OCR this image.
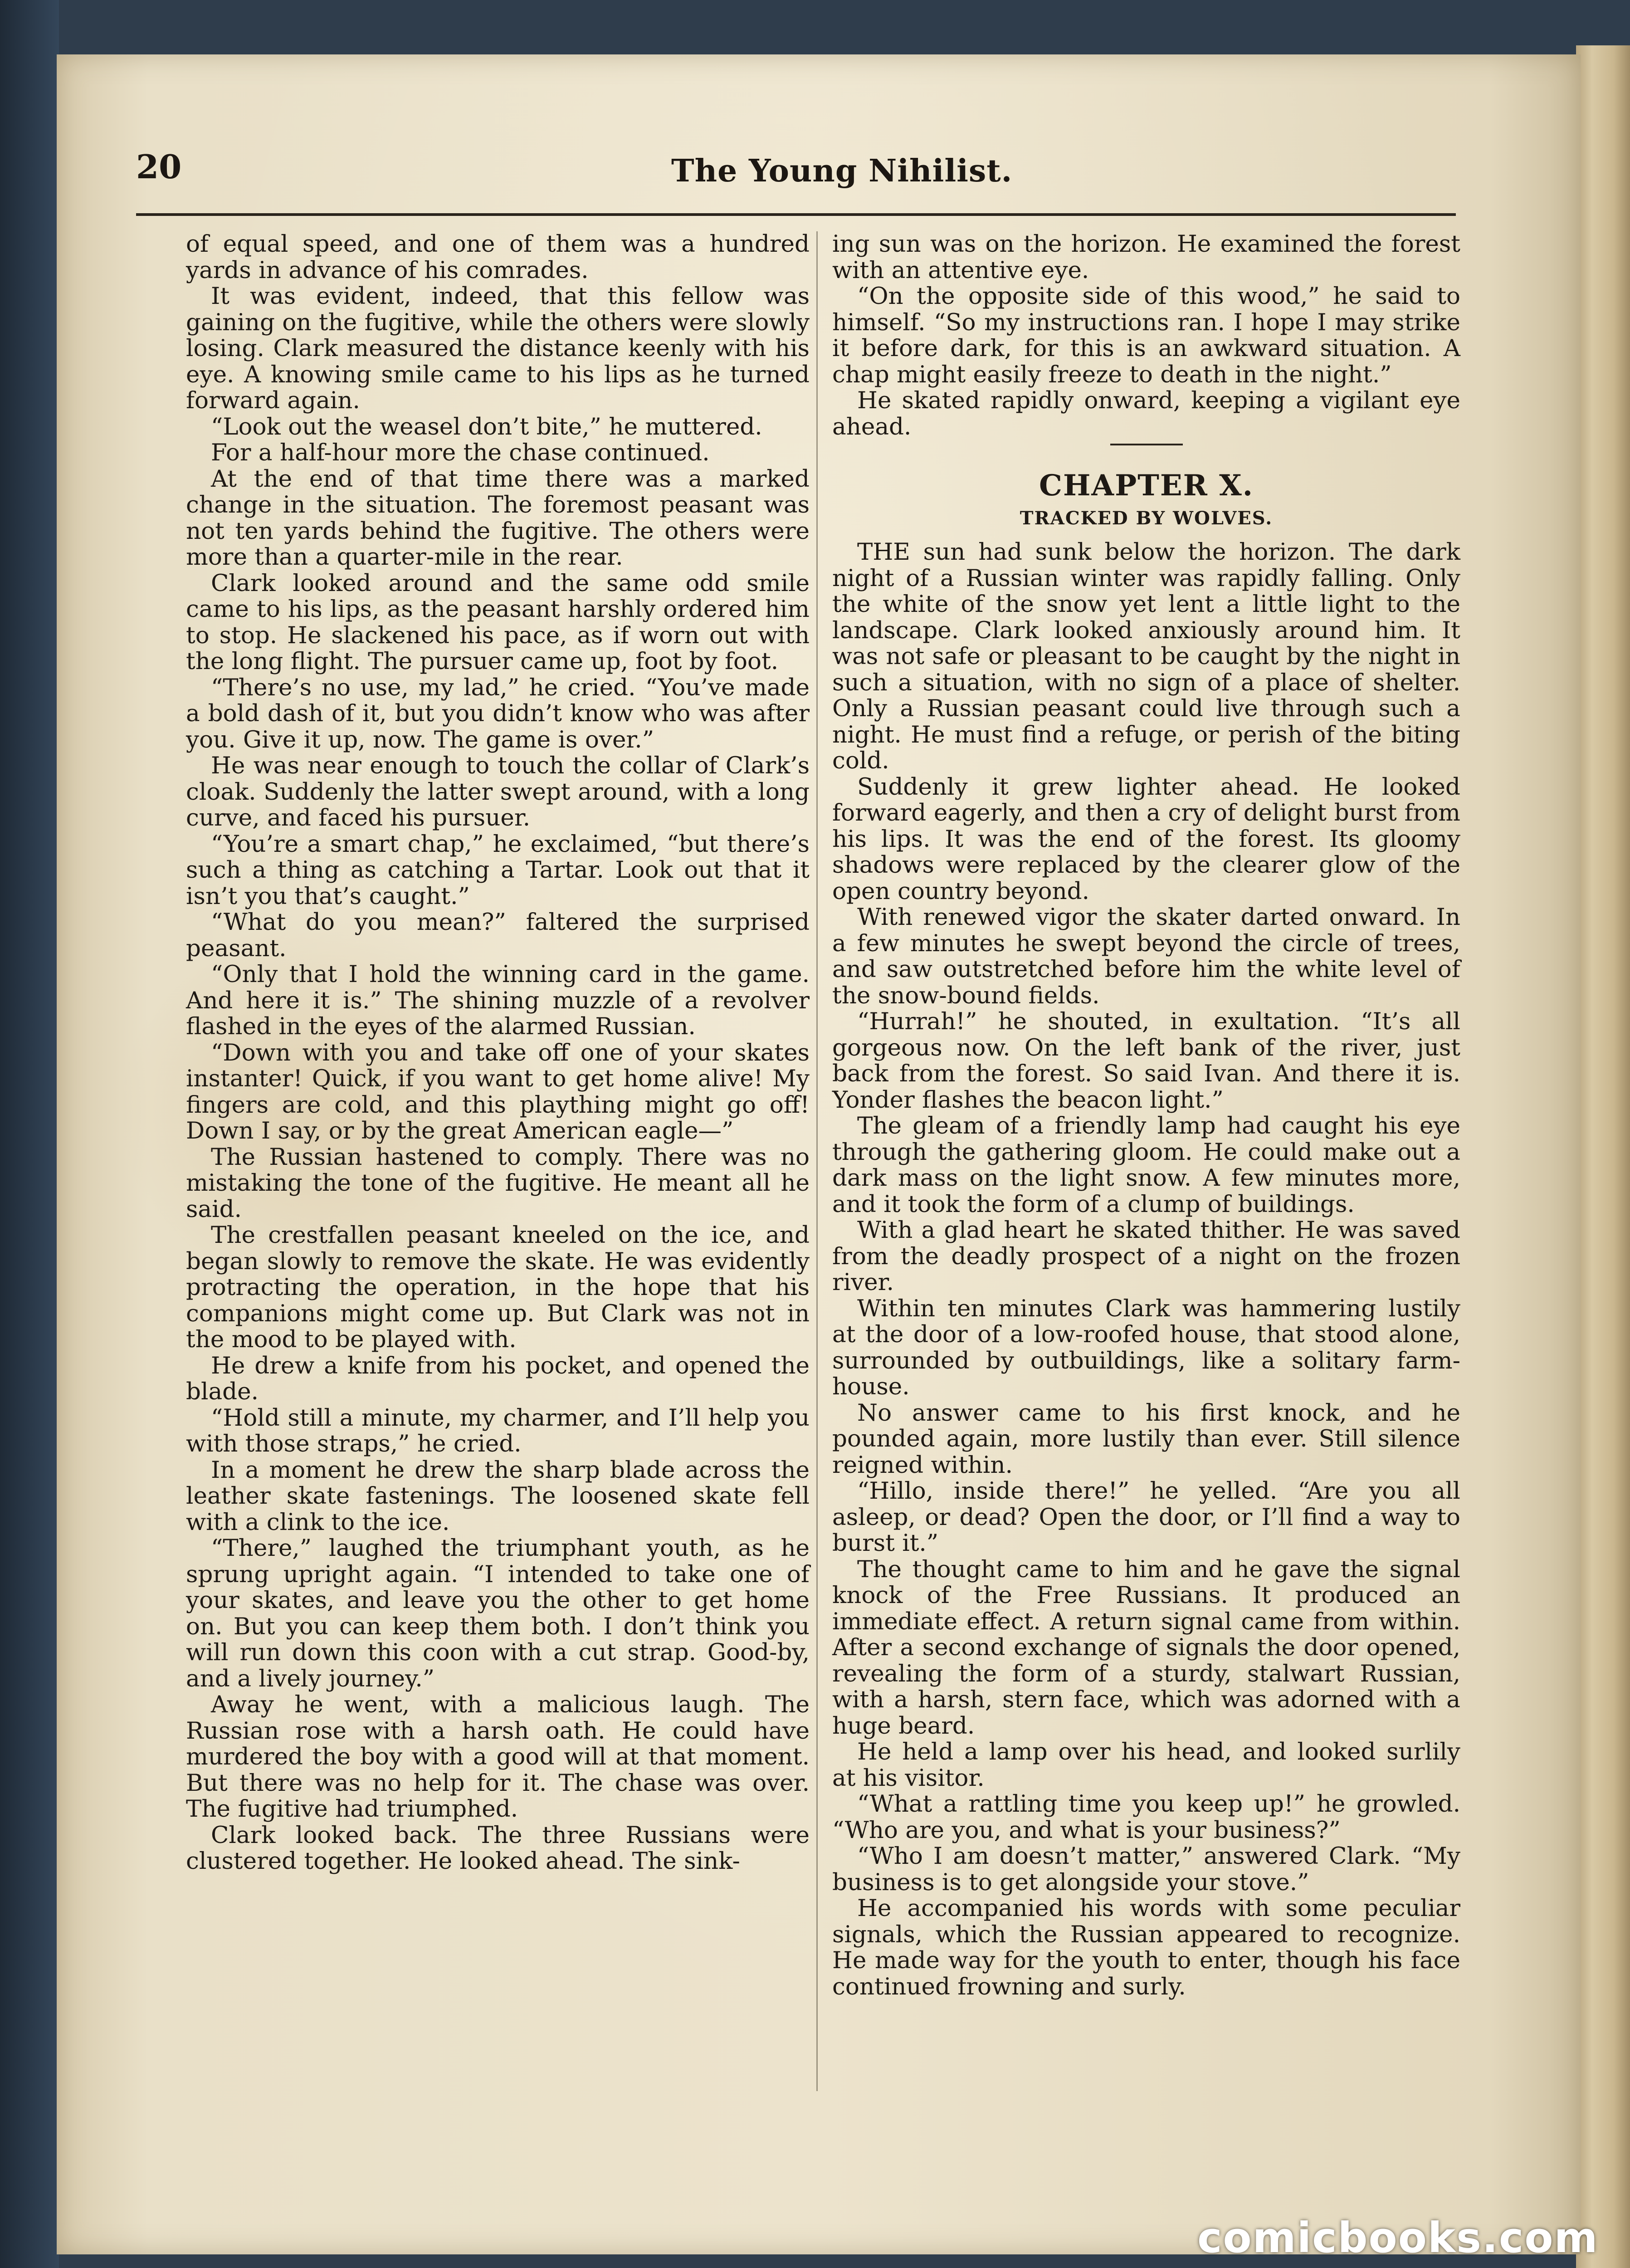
20	The Young Nihilist.

of equal speed, and one of them was a hundred yards in advance of his comrades.

It was evident, indeed, that this fellow was gaining on the fugitive, while the others were slowly losing. Clark measured the distance keenly with his eye. A knowing smile came to his lips as he turned forward again.

“Look out the weasel don’t bite,” he muttered.

For a half-hour more the chase continued.

At the end of that time there was a marked change in the situation. The foremost peasant was not ten yards behind the fugitive. The others were more than a quarter-mile in the rear.

Clark looked around and the same odd smile came to his lips, as the peasant harshly ordered him to stop. He slackened his pace, as if worn out with the long flight. The pursuer came up, foot by foot.

“There’s no use, my lad,” he cried. “You’ve made a bold dash of it, but you didn’t know who was after you. Give it up, now. The game is over.”

He was near enough to touch the collar of Clark’s cloak. Suddenly the latter swept around, with a long curve, and faced his pursuer.

“You’re a smart chap,” he exclaimed, “but there’s such a thing as catching a Tartar. Look out that it isn’t you that’s caught.”

“What do you mean?” faltered the surprised peasant.

“Only that I hold the winning card in the game. And here it is.” The shining muzzle of a revolver flashed in the eyes of the alarmed Russian.

“Down with you and take off one of your skates instanter! Quick, if you want to get home alive! My fingers are cold, and this plaything might go off! Down I say, or by the great American eagle—”

The Russian hastened to comply. There was no mistaking the tone of the fugitive. He meant all he said.

The crestfallen peasant kneeled on the ice, and began slowly to remove the skate. He was evidently protracting the operation, in the hope that his companions might come up. But Clark was not in the mood to be played with.

He drew a knife from his pocket, and opened the blade.

“Hold still a minute, my charmer, and I’ll help you with those straps,” he cried.

In a moment he drew the sharp blade across the leather skate fastenings. The loosened skate fell with a clink to the ice.

“There,” laughed the triumphant youth, as he sprung upright again. “I intended to take one of your skates, and leave you the other to get home on. But you can keep them both. I don’t think you will run down this coon with a cut strap. Good-by, and a lively journey.”

Away he went, with a malicious laugh. The Russian rose with a harsh oath. He could have murdered the boy with a good will at that moment. But there was no help for it. The chase was over. The fugitive had triumphed.

Clark looked back. The three Russians were clustered together. He looked ahead. The sink-

ing sun was on the horizon. He examined the forest with an attentive eye.

“On the opposite side of this wood,” he said to himself. “So my instructions ran. I hope I may strike it before dark, for this is an awkward situation. A chap might easily freeze to death in the night.”

He skated rapidly onward, keeping a vigilant eye ahead.

CHAPTER X.
TRACKED BY WOLVES.

THE sun had sunk below the horizon. The dark night of a Russian winter was rapidly falling. Only the white of the snow yet lent a little light to the landscape. Clark looked anxiously around him. It was not safe or pleasant to be caught by the night in such a situation, with no sign of a place of shelter. Only a Russian peasant could live through such a night. He must find a refuge, or perish of the biting cold.

Suddenly it grew lighter ahead. He looked forward eagerly, and then a cry of delight burst from his lips. It was the end of the forest. Its gloomy shadows were replaced by the clearer glow of the open country beyond.

With renewed vigor the skater darted onward. In a few minutes he swept beyond the circle of trees, and saw outstretched before him the white level of the snow-bound fields.

“Hurrah!” he shouted, in exultation. “It’s all gorgeous now. On the left bank of the river, just back from the forest. So said Ivan. And there it is. Yonder flashes the beacon light.”

The gleam of a friendly lamp had caught his eye through the gathering gloom. He could make out a dark mass on the light snow. A few minutes more, and it took the form of a clump of buildings.

With a glad heart he skated thither. He was saved from the deadly prospect of a night on the frozen river.

Within ten minutes Clark was hammering lustily at the door of a low-roofed house, that stood alone, surrounded by outbuildings, like a solitary farm-house.

No answer came to his first knock, and he pounded again, more lustily than ever. Still silence reigned within.

“Hillo, inside there!” he yelled. “Are you all asleep, or dead? Open the door, or I’ll find a way to burst it.”

The thought came to him and he gave the signal knock of the Free Russians. It produced an immediate effect. A return signal came from within. After a second exchange of signals the door opened, revealing the form of a sturdy, stalwart Russian, with a harsh, stern face, which was adorned with a huge beard.

He held a lamp over his head, and looked surlily at his visitor.

“What a rattling time you keep up!” he growled. “Who are you, and what is your business?”

“Who I am doesn’t matter,” answered Clark. “My business is to get alongside your stove.”

He accompanied his words with some peculiar signals, which the Russian appeared to recognize. He made way for the youth to enter, though his face continued frowning and surly.

comicbooks.com
